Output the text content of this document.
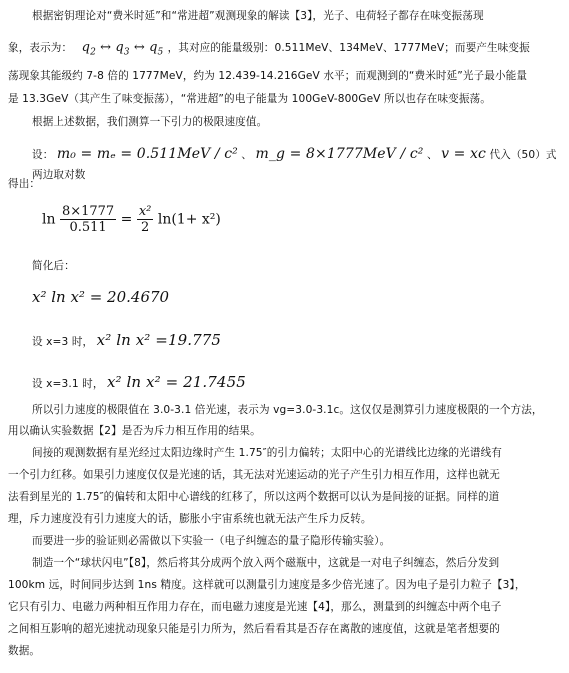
根据密钥理论对“费米时延”和“常进超”观测现象的解读【3】，光子、电荷轻子都存在味变振荡现
象，表示为： $q_2$ ↔ $q_3$ ↔ $q_5$ ，其对应的能量级别：0.511MeV、134MeV、1777MeV；而要产生味变振
荡现象其能级约 7-8 倍的 1777MeV，约为 12.439-14.216GeV 水平；而观测到的“费米时延”光子最小能量
是 13.3GeV（其产生了味变振荡），“常进超”的电子能量为 100GeV-800GeV 所以也存在味变振荡。
根据上述数据，我们测算一下引力的极限速度值。
设： m₀ = mₑ = 0.511MeV / c² 、 m_g = 8×1777MeV / c² 、 v = xc 代入（50）式两边取对数
得出：
$\ln \frac{8\times 1777}{0.511} = \frac{\text{x²}}{2} \ln(1+ x^2)$
简化后：
x² ln x² = 20.4670
设 x=3 时， x² ln x² =19.775
设 x=3.1 时， x² ln x² = 21.7455
所以引力速度的极限值在 3.0-3.1 倍光速，表示为 vg=3.0-3.1c。这仅仅是测算引力速度极限的一个方法，
用以确认实验数据【2】是否为斥力相互作用的结果。
间接的观测数据有星光经过太阳边缘时产生 1.75″的引力偏转；太阳中心的光谱线比边缘的光谱线有
一个引力红移。如果引力速度仅仅是光速的话，其无法对光速运动的光子产生引力相互作用，这样也就无
法看到星光的 1.75″的偏转和太阳中心谱线的红移了，所以这两个数据可以认为是间接的证据。同样的道
理，斥力速度没有引力速度大的话，膨胀小宇宙系统也就无法产生斥力反转。
而要进一步的验证则必需做以下实验一（电子纠缠态的量子隐形传输实验）。
制造一个“球状闪电”【8】，然后将其分成两个放入两个磁瓶中，这就是一对电子纠缠态，然后分发到
100km 远，时间同步达到 1ns 精度。这样就可以测量引力速度是多少倍光速了。因为电子是引力粒子【3】，
它只有引力、电磁力两种相互作用力存在，而电磁力速度是光速【4】，那么，测量到的纠缠态中两个电子
之间相互影响的超光速扰动现象只能是引力所为，然后看看其是否存在离散的速度值，这就是笔者想要的
数据。
